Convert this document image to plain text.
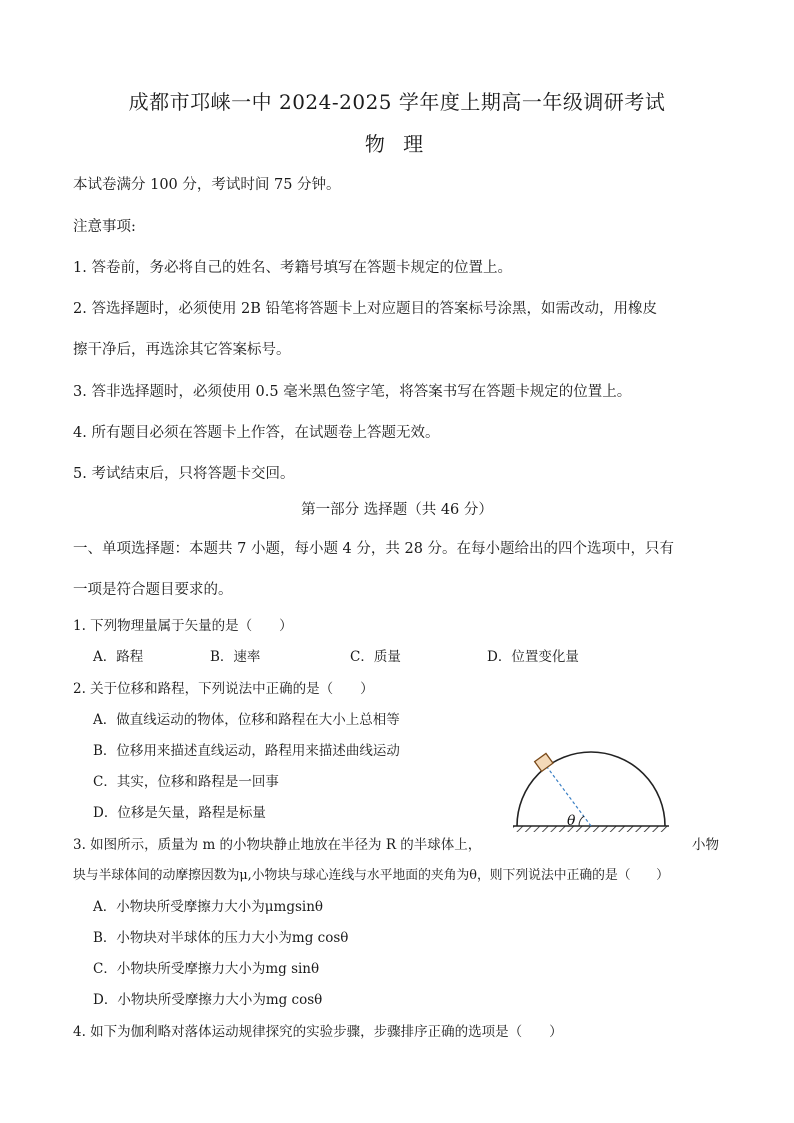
成都市邛崃一中 2024-2025 学年度上期高一年级调研考试
物 理
本试卷满分 100 分，考试时间 75 分钟。
注意事项:
1. 答卷前，务必将自己的姓名、考籍号填写在答题卡规定的位置上。
2. 答选择题时，必须使用 2B 铅笔将答题卡上对应题目的答案标号涂黑，如需改动，用橡皮
擦干净后，再选涂其它答案标号。
3. 答非选择题时，必须使用 0.5 毫米黑色签字笔，将答案书写在答题卡规定的位置上。
4. 所有题目必须在答题卡上作答，在试题卷上答题无效。
5. 考试结束后，只将答题卡交回。
第一部分 选择题（共 46 分）
一、单项选择题：本题共 7 小题，每小题 4 分，共 28 分。在每小题给出的四个选项中，只有
一项是符合题目要求的。
1. 下列物理量属于矢量的是（　　）
A．路程	B．速率	C．质量	D．位置变化量
2. 关于位移和路程，下列说法中正确的是（　　）
A．做直线运动的物体，位移和路程在大小上总相等
B．位移用来描述直线运动，路程用来描述曲线运动
C．其实，位移和路程是一回事
D．位移是矢量，路程是标量	θ
3. 如图所示，质量为 m 的小物块静止地放在半径为 R 的半球体上，	小物
块与半球体间的动摩擦因数为μ,小物块与球心连线与水平地面的夹角为θ，则下列说法中正确的是（　　）
A．小物块所受摩擦力大小为μmgsinθ
B．小物块对半球体的压力大小为mg cosθ
C．小物块所受摩擦力大小为mg sinθ
D．小物块所受摩擦力大小为mg cosθ
4. 如下为伽利略对落体运动规律探究的实验步骤，步骤排序正确的选项是（　　）
